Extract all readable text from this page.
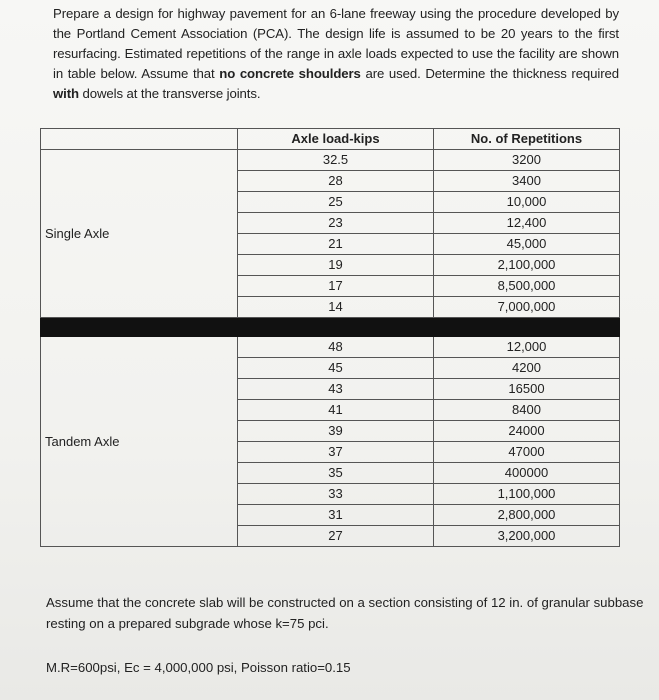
Prepare a design for highway pavement for an 6-lane freeway using the procedure developed by the Portland Cement Association (PCA). The design life is assumed to be 20 years to the first resurfacing. Estimated repetitions of the range in axle loads expected to use the facility are shown in table below. Assume that no concrete shoulders are used. Determine the thickness required with dowels at the transverse joints.
	Axle load-kips	No. of Repetitions
Single Axle	32.5	3200
	28	3400
	25	10,000
	23	12,400
	21	45,000
	19	2,100,000
	17	8,500,000
	14	7,000,000

Tandem Axle	48	12,000
	45	4200
	43	16500
	41	8400
	39	24000
	37	47000
	35	400000
	33	1,100,000
	31	2,800,000
	27	3,200,000
Assume that the concrete slab will be constructed on a section consisting of 12 in. of granular subbase resting on a prepared subgrade whose k=75 pci.
M.R=600psi, Ec = 4,000,000 psi, Poisson ratio=0.15
